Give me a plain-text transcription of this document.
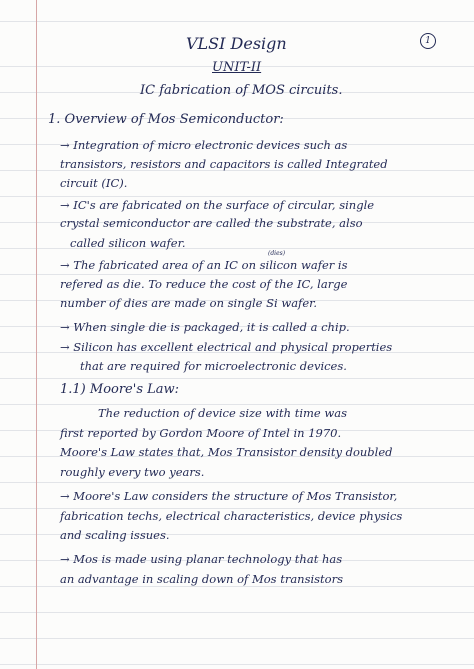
VLSI Design	1
UNIT-II
IC fabrication of MOS circuits.
1. Overview of Mos Semiconductor:
→ Integration of micro electronic devices such as
transistors, resistors and capacitors is called Integrated
circuit (IC).
→ IC's are fabricated on the surface of circular, single
crystal semiconductor are called the substrate, also
called silicon wafer.
(dies)
→ The fabricated area of an IC on silicon wafer is
refered as die. To reduce the cost of the IC, large
number of dies are made on single Si wafer.
→ When single die is packaged, it is called a chip.
→ Silicon has excellent electrical and physical properties
that are required for microelectronic devices.
1.1) Moore's Law:
The reduction of device size with time was
first reported by Gordon Moore of Intel in 1970.
Moore's Law states that, Mos Transistor density doubled
roughly every two years.
→ Moore's Law considers the structure of Mos Transistor,
fabrication techs, electrical characteristics, device physics
and scaling issues.
→ Mos is made using planar technology that has
an advantage in scaling down of Mos transistors
